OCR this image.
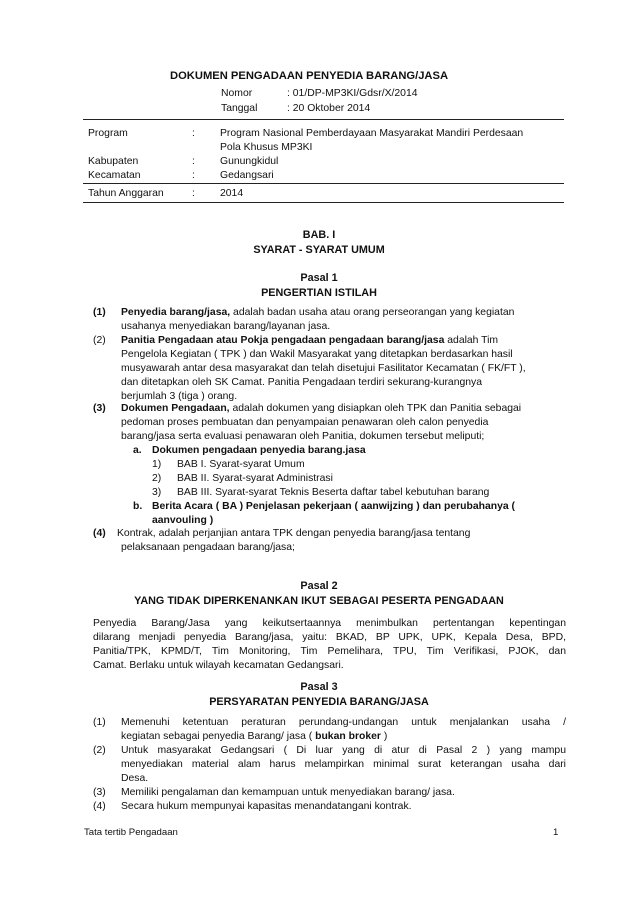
DOKUMEN PENGADAAN PENYEDIA BARANG/JASA
Nomor	: 01/DP-MP3KI/Gdsr/X/2014
Tanggal	: 20 Oktober 2014
Program	: Program Nasional Pemberdayaan Masyarakat Mandiri Perdesaan
Pola Khusus MP3KI
Kabupaten	: Gunungkidul
Kecamatan	: Gedangsari
Tahun Anggaran	: 2014
BAB. I
SYARAT - SYARAT UMUM
Pasal 1
PENGERTIAN ISTILAH
(1) Penyedia barang/jasa, adalah badan usaha atau orang perseorangan yang kegiatan
usahanya menyediakan barang/layanan jasa.
(2) Panitia Pengadaan atau Pokja pengadaan pengadaan barang/jasa adalah Tim
Pengelola Kegiatan ( TPK ) dan Wakil Masyarakat yang ditetapkan berdasarkan hasil
musyawarah antar desa masyarakat dan telah disetujui Fasilitator Kecamatan ( FK/FT ),
dan ditetapkan oleh SK Camat. Panitia Pengadaan terdiri sekurang-kurangnya
berjumlah 3 (tiga ) orang.
(3) Dokumen Pengadaan, adalah dokumen yang disiapkan oleh TPK dan Panitia sebagai
pedoman proses pembuatan dan penyampaian penawaran oleh calon penyedia
barang/jasa serta evaluasi penawaran oleh Panitia, dokumen tersebut meliputi;
a. Dokumen pengadaan penyedia barang.jasa
1) BAB I. Syarat-syarat Umum
2) BAB II. Syarat-syarat Administrasi
3) BAB III. Syarat-syarat Teknis Beserta daftar tabel kebutuhan barang
b. Berita Acara ( BA ) Penjelasan pekerjaan ( aanwijzing ) dan perubahanya (
aanvouling )
(4) Kontrak, adalah perjanjian antara TPK dengan penyedia barang/jasa tentang
pelaksanaan pengadaan barang/jasa;
Pasal 2
YANG TIDAK DIPERKENANKAN IKUT SEBAGAI PESERTA PENGADAAN
Penyedia Barang/Jasa yang keikutsertaannya menimbulkan pertentangan kepentingan
dilarang menjadi penyedia Barang/jasa, yaitu: BKAD, BP UPK, UPK, Kepala Desa, BPD,
Panitia/TPK, KPMD/T, Tim Monitoring, Tim Pemelihara, TPU, Tim Verifikasi, PJOK, dan
Camat. Berlaku untuk wilayah kecamatan Gedangsari.
Pasal 3
PERSYARATAN PENYEDIA BARANG/JASA
(1) Memenuhi ketentuan peraturan perundang-undangan untuk menjalankan usaha /
kegiatan sebagai penyedia Barang/ jasa ( bukan broker )
(2) Untuk masyarakat Gedangsari ( Di luar yang di atur di Pasal 2 ) yang mampu
menyediakan material alam harus melampirkan minimal surat keterangan usaha dari
Desa.
(3) Memiliki pengalaman dan kemampuan untuk menyediakan barang/ jasa.
(4) Secara hukum mempunyai kapasitas menandatangani kontrak.
Tata tertib Pengadaan	1
